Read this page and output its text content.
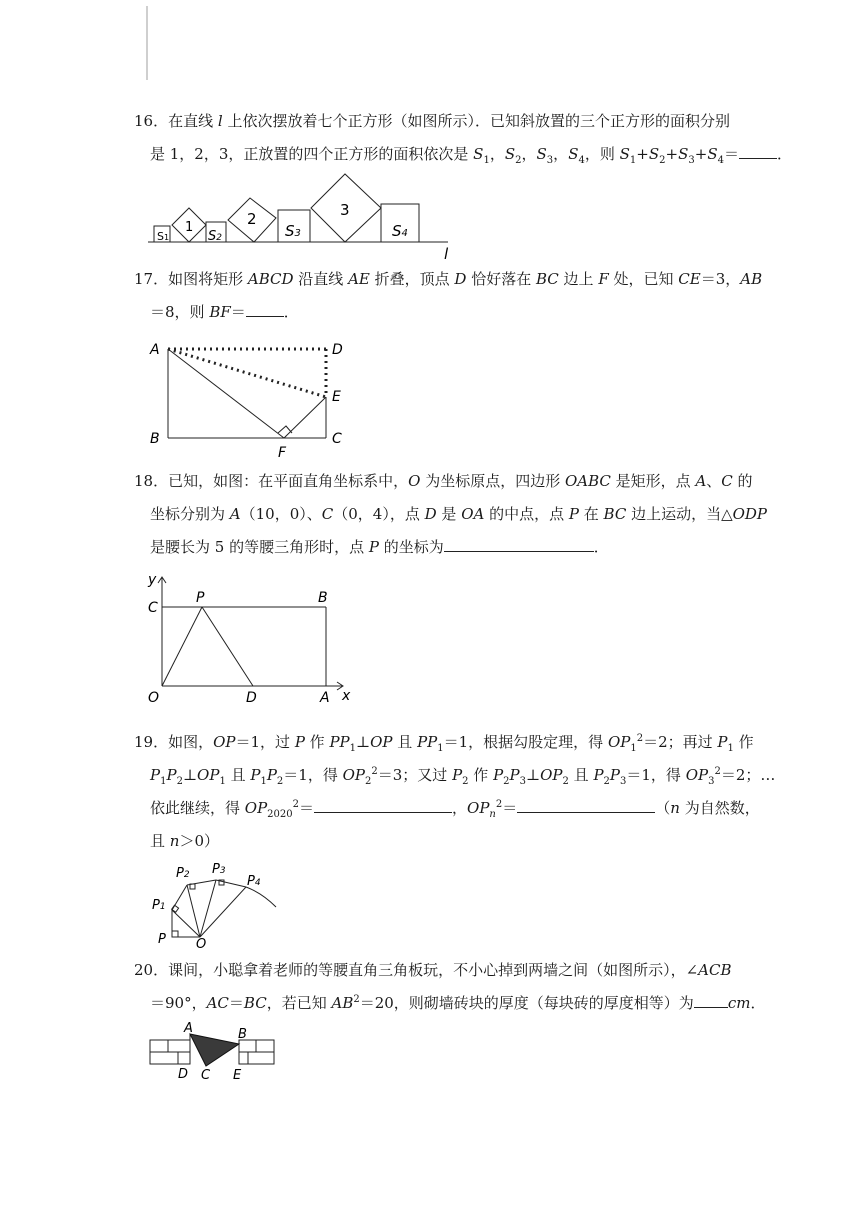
16．在直线 l 上依次摆放着七个正方形（如图所示）．已知斜放置的三个正方形的面积分别
是 1，2，3，正放置的四个正方形的面积依次是 $S_1$，$S_2$，$S_3$，$S_4$，则 $S_1+S_2+S_3+S_4=$	．
S1
1
S2
2
S3
3
S4
l
17．如图将矩形 ABCD 沿直线 AE 折叠，顶点 D 恰好落在 BC 边上 F 处，已知 CE＝3，AB
＝8，则 BF＝	．
A
B	C
D
E
F
18．已知，如图：在平面直角坐标系中，O 为坐标原点，四边形 OABC 是矩形，点 A、C 的
坐标分别为 A（10，0）、C（0，4），点 D 是 OA 的中点，点 P 在 BC 边上运动，当△ODP
是腰长为 5 的等腰三角形时，点 P 的坐标为	．
y
x
C
P	B
O	D	A
19．如图，OP＝1，过 P 作 $PP_1\perp OP$ 且 $PP_1=1$，根据勾股定理，得 $OP_1^2=2$；再过 $P_1$ 作
$P_1P_2\perp OP_1$ 且 $P_1P_2=1$，得 $OP_2^2=3$；又过 $P_2$ 作 $P_2P_3\perp OP_2$ 且 $P_2P_3=1$，得 $OP_3^2=2$；…
依此继续，得 $OP_{2020}^2=$	，$OP_n^2=$	（n 为自然数，
且 n＞0）
P
P1
P2 P3
P4
O
20．课间，小聪拿着老师的等腰直角三角板玩，不小心掉到两墙之间（如图所示），∠ACB
＝90°，AC＝BC，若已知 $AB^2=20$，则砌墙砖块的厚度（每块砖的厚度相等）为 cm．
A	B
C
D	E
